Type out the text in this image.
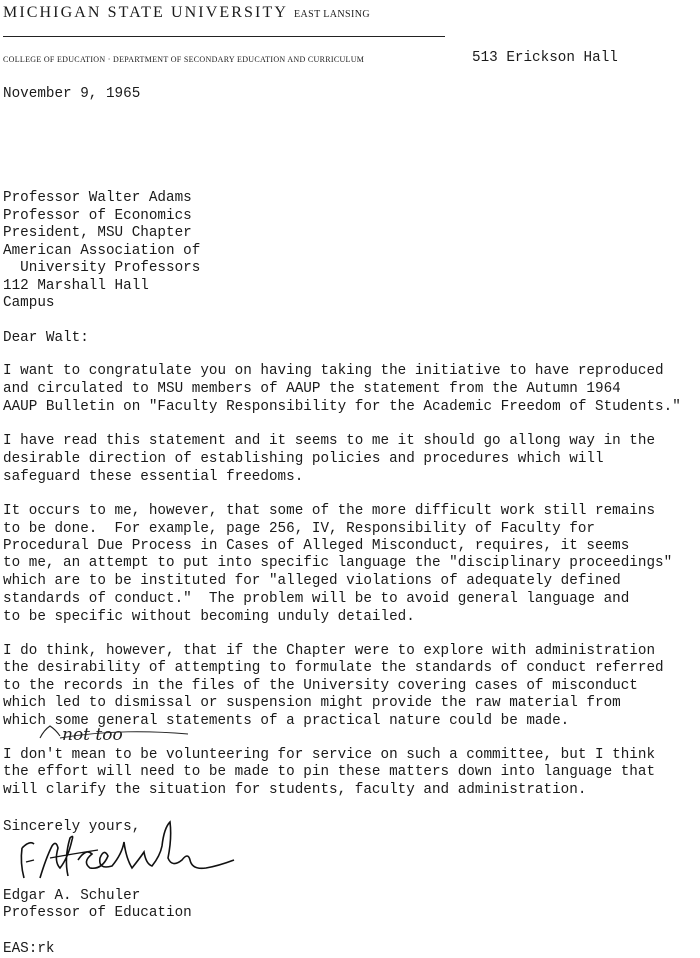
MICHIGAN STATE UNIVERSITY EAST LANSING
COLLEGE OF EDUCATION · DEPARTMENT OF SECONDARY EDUCATION AND CURRICULUM	513 Erickson Hall
November 9, 1965
Professor Walter Adams
Professor of Economics
President, MSU Chapter
American Association of
University Professors
112 Marshall Hall
Campus
Dear Walt:
I want to congratulate you on having taking the initiative to have reproduced
and circulated to MSU members of AAUP the statement from the Autumn 1964
AAUP Bulletin on "Faculty Responsibility for the Academic Freedom of Students."
I have read this statement and it seems to me it should go allong way in the
desirable direction of establishing policies and procedures which will
safeguard these essential freedoms.
It occurs to me, however, that some of the more difficult work still remains
to be done.  For example, page 256, IV, Responsibility of Faculty for
Procedural Due Process in Cases of Alleged Misconduct, requires, it seems
to me, an attempt to put into specific language the "disciplinary proceedings"
which are to be instituted for "alleged violations of adequately defined
standards of conduct."  The problem will be to avoid general language and
to be specific without becoming unduly detailed.
I do think, however, that if the Chapter were to explore with administration
the desirability of attempting to formulate the standards of conduct referred
to the records in the files of the University covering cases of misconduct
which led to dismissal or suspension might provide the raw material from
which some general statements of a practical nature could be made.
not too
I don't mean to be volunteering for service on such a committee, but I think
the effort will need to be made to pin these matters down into language that
will clarify the situation for students, faculty and administration.
Sincerely yours,
Edgar A. Schuler
Professor of Education
EAS:rk
